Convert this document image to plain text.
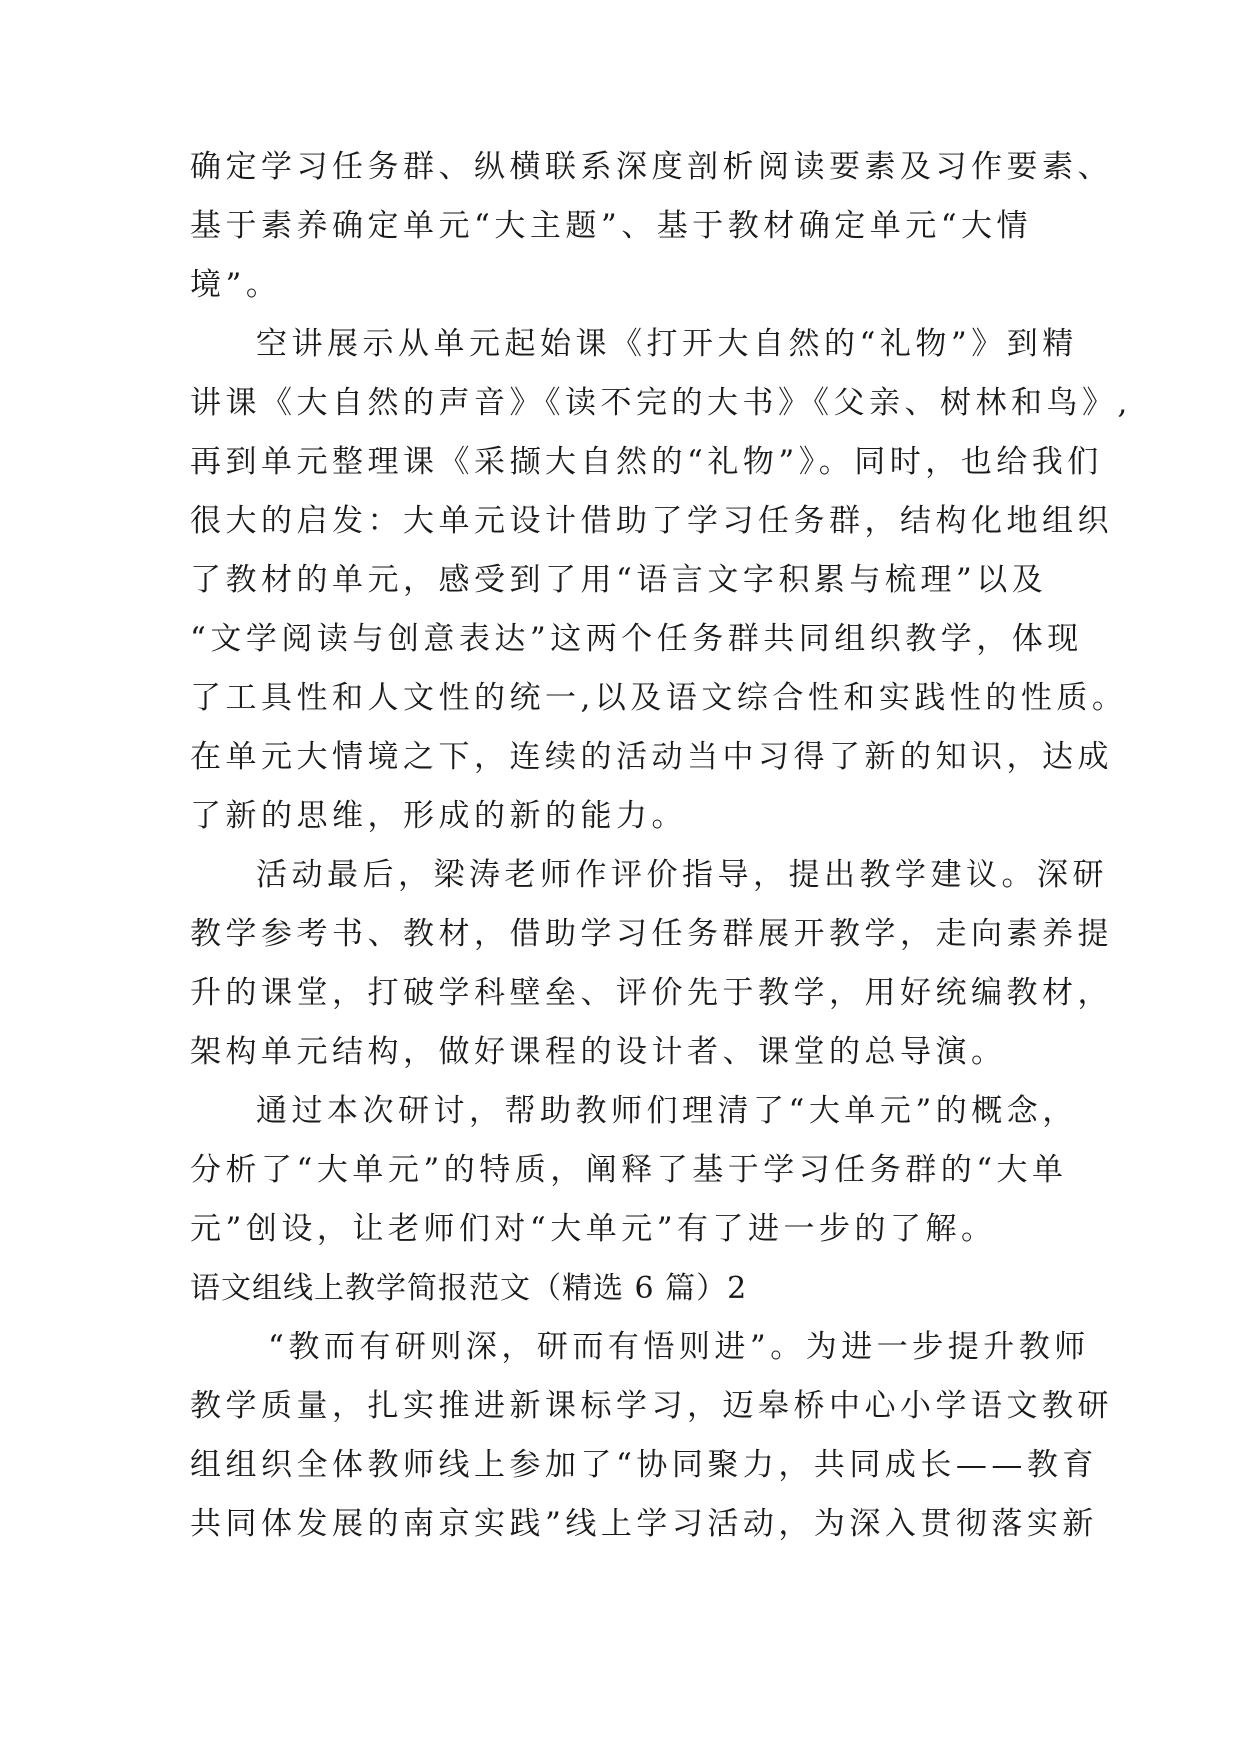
确定学习任务群、纵横联系深度剖析阅读要素及习作要素、
基于素养确定单元“大主题”、基于教材确定单元“大情
境”。
空讲展示从单元起始课《打开大自然的“礼物”》到精
讲课《大自然的声音》《读不完的大书》《父亲、树林和鸟》,
再到单元整理课《采撷大自然的“礼物”》。同时，也给我们
很大的启发：大单元设计借助了学习任务群，结构化地组织
了教材的单元，感受到了用“语言文字积累与梳理”以及
“文学阅读与创意表达”这两个任务群共同组织教学，体现
了工具性和人文性的统一,以及语文综合性和实践性的性质。
在单元大情境之下，连续的活动当中习得了新的知识，达成
了新的思维，形成的新的能力。
活动最后，梁涛老师作评价指导，提出教学建议。深研
教学参考书、教材，借助学习任务群展开教学，走向素养提
升的课堂，打破学科壁垒、评价先于教学，用好统编教材，
架构单元结构，做好课程的设计者、课堂的总导演。
通过本次研讨，帮助教师们理清了“大单元”的概念，
分析了“大单元”的特质，阐释了基于学习任务群的“大单
元”创设，让老师们对“大单元”有了进一步的了解。
语文组线上教学简报范文（精选 6 篇）2
“教而有研则深，研而有悟则进”。为进一步提升教师
教学质量，扎实推进新课标学习，迈皋桥中心小学语文教研
组组织全体教师线上参加了“协同聚力，共同成长——教育
共同体发展的南京实践”线上学习活动，为深入贯彻落实新
